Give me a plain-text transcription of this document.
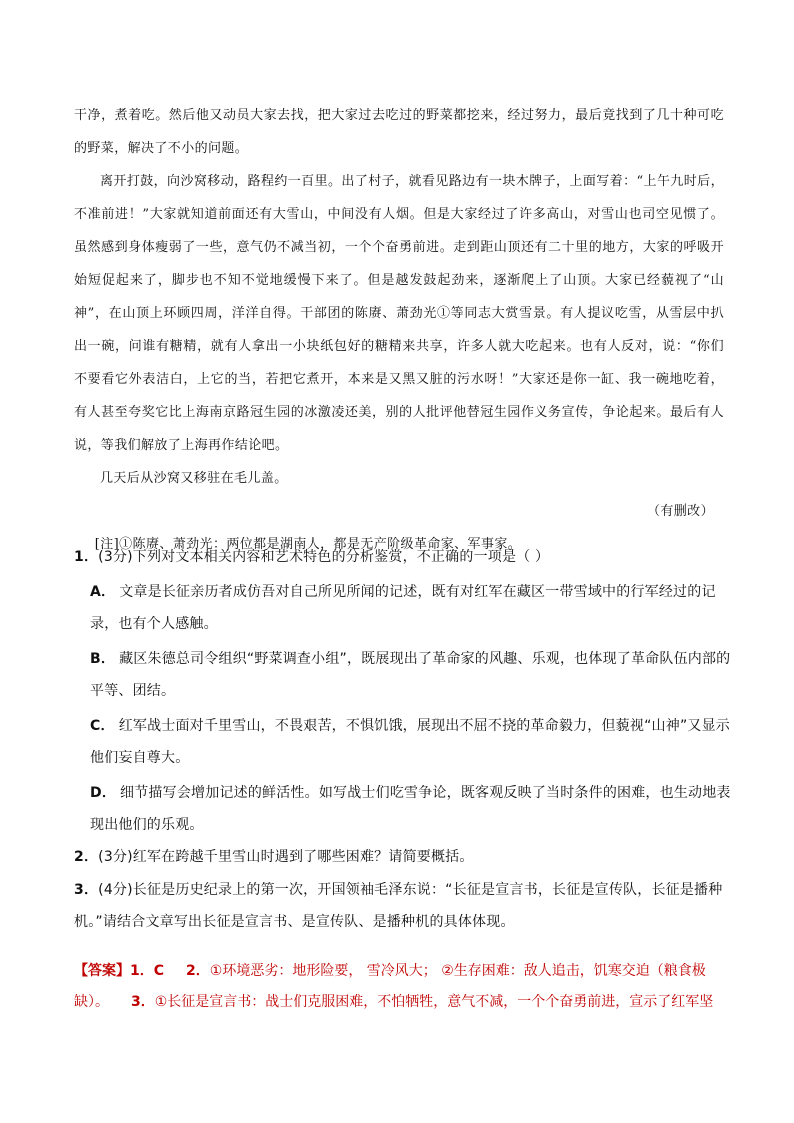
干净，煮着吃。然后他又动员大家去找，把大家过去吃过的野菜都挖来，经过努力，最后竟找到了几十种可吃的野菜，解决了不小的问题。

离开打鼓，向沙窝移动，路程约一百里。出了村子，就看见路边有一块木牌子，上面写着：“上午九时后，不准前进！”大家就知道前面还有大雪山，中间没有人烟。但是大家经过了许多高山，对雪山也司空见惯了。虽然感到身体瘦弱了一些，意气仍不减当初，一个个奋勇前进。走到距山顶还有二十里的地方，大家的呼吸开始短促起来了，脚步也不知不觉地缓慢下来了。但是越发鼓起劲来，逐渐爬上了山顶。大家已经藐视了“山神”，在山顶上环顾四周，洋洋自得。干部团的陈赓、萧劲光①等同志大赏雪景。有人提议吃雪，从雪层中扒出一碗，问谁有糖精，就有人拿出一小块纸包好的糖精来共享，许多人就大吃起来。也有人反对，说：“你们不要看它外表洁白，上它的当，若把它煮开，本来是又黑又脏的污水呀！”大家还是你一缸、我一碗地吃着，有人甚至夸奖它比上海南京路冠生园的冰激凌还美，别的人批评他替冠生园作义务宣传，争论起来。最后有人说，等我们解放了上海再作结论吧。

几天后从沙窝又移驻在毛儿盖。

（有删改）

[注]①陈赓、萧劲光：两位都是湖南人，都是无产阶级革命家、军事家。

1．(3分)下列对文本相关内容和艺术特色的分析鉴赏，不正确的一项是（ ）
A． 文章是长征亲历者成仿吾对自己所见所闻的记述，既有对红军在藏区一带雪域中的行军经过的记录，也有个人感触。
B． 藏区朱德总司令组织“野菜调查小组”，既展现出了革命家的风趣、乐观，也体现了革命队伍内部的平等、团结。
C． 红军战士面对千里雪山，不畏艰苦，不惧饥饿，展现出不屈不挠的革命毅力，但藐视“山神”又显示他们妄自尊大。
D． 细节描写会增加记述的鲜活性。如写战士们吃雪争论，既客观反映了当时条件的困难，也生动地表现出他们的乐观。
2．(3分)红军在跨越千里雪山时遇到了哪些困难？请简要概括。
3．(4分)长征是历史纪录上的第一次，开国领袖毛泽东说：“长征是宣言书，长征是宣传队，长征是播种机。”请结合文章写出长征是宣言书、是宣传队、是播种机的具体体现。
【答案】1．C 2．①环境恶劣：地形险要， 雪冷风大； ②生存困难：敌人追击，饥寒交迫（粮食极缺）。 3．①长征是宣言书：战士们克服困难，不怕牺牲，意气不减，一个个奋勇前进，宣示了红军坚
